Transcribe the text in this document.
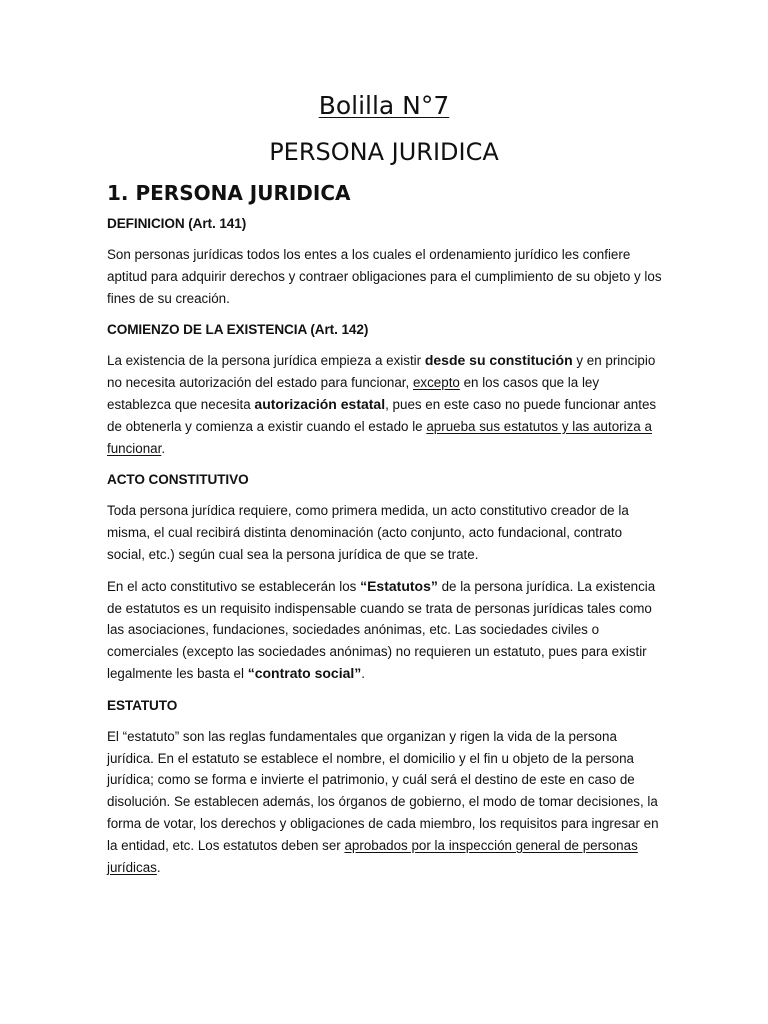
Bolilla N°7
PERSONA JURIDICA
1. PERSONA JURIDICA
DEFINICION (Art. 141)

Son personas jurídicas todos los entes a los cuales el ordenamiento jurídico les confiere aptitud para adquirir derechos y contraer obligaciones para el cumplimiento de su objeto y los fines de su creación.

COMIENZO DE LA EXISTENCIA (Art. 142)

La existencia de la persona jurídica empieza a existir desde su constitución y en principio no necesita autorización del estado para funcionar, excepto en los casos que la ley establezca que necesita autorización estatal, pues en este caso no puede funcionar antes de obtenerla y comienza a existir cuando el estado le aprueba sus estatutos y las autoriza a funcionar.

ACTO CONSTITUTIVO

Toda persona jurídica requiere, como primera medida, un acto constitutivo creador de la misma, el cual recibirá distinta denominación (acto conjunto, acto fundacional, contrato social, etc.) según cual sea la persona jurídica de que se trate.

En el acto constitutivo se establecerán los “Estatutos” de la persona jurídica. La existencia de estatutos es un requisito indispensable cuando se trata de personas jurídicas tales como las asociaciones, fundaciones, sociedades anónimas, etc. Las sociedades civiles o comerciales (excepto las sociedades anónimas) no requieren un estatuto, pues para existir legalmente les basta el “contrato social”.

ESTATUTO

El “estatuto” son las reglas fundamentales que organizan y rigen la vida de la persona jurídica. En el estatuto se establece el nombre, el domicilio y el fin u objeto de la persona jurídica; como se forma e invierte el patrimonio, y cuál será el destino de este en caso de disolución. Se establecen además, los órganos de gobierno, el modo de tomar decisiones, la forma de votar, los derechos y obligaciones de cada miembro, los requisitos para ingresar en la entidad, etc. Los estatutos deben ser aprobados por la inspección general de personas jurídicas.
